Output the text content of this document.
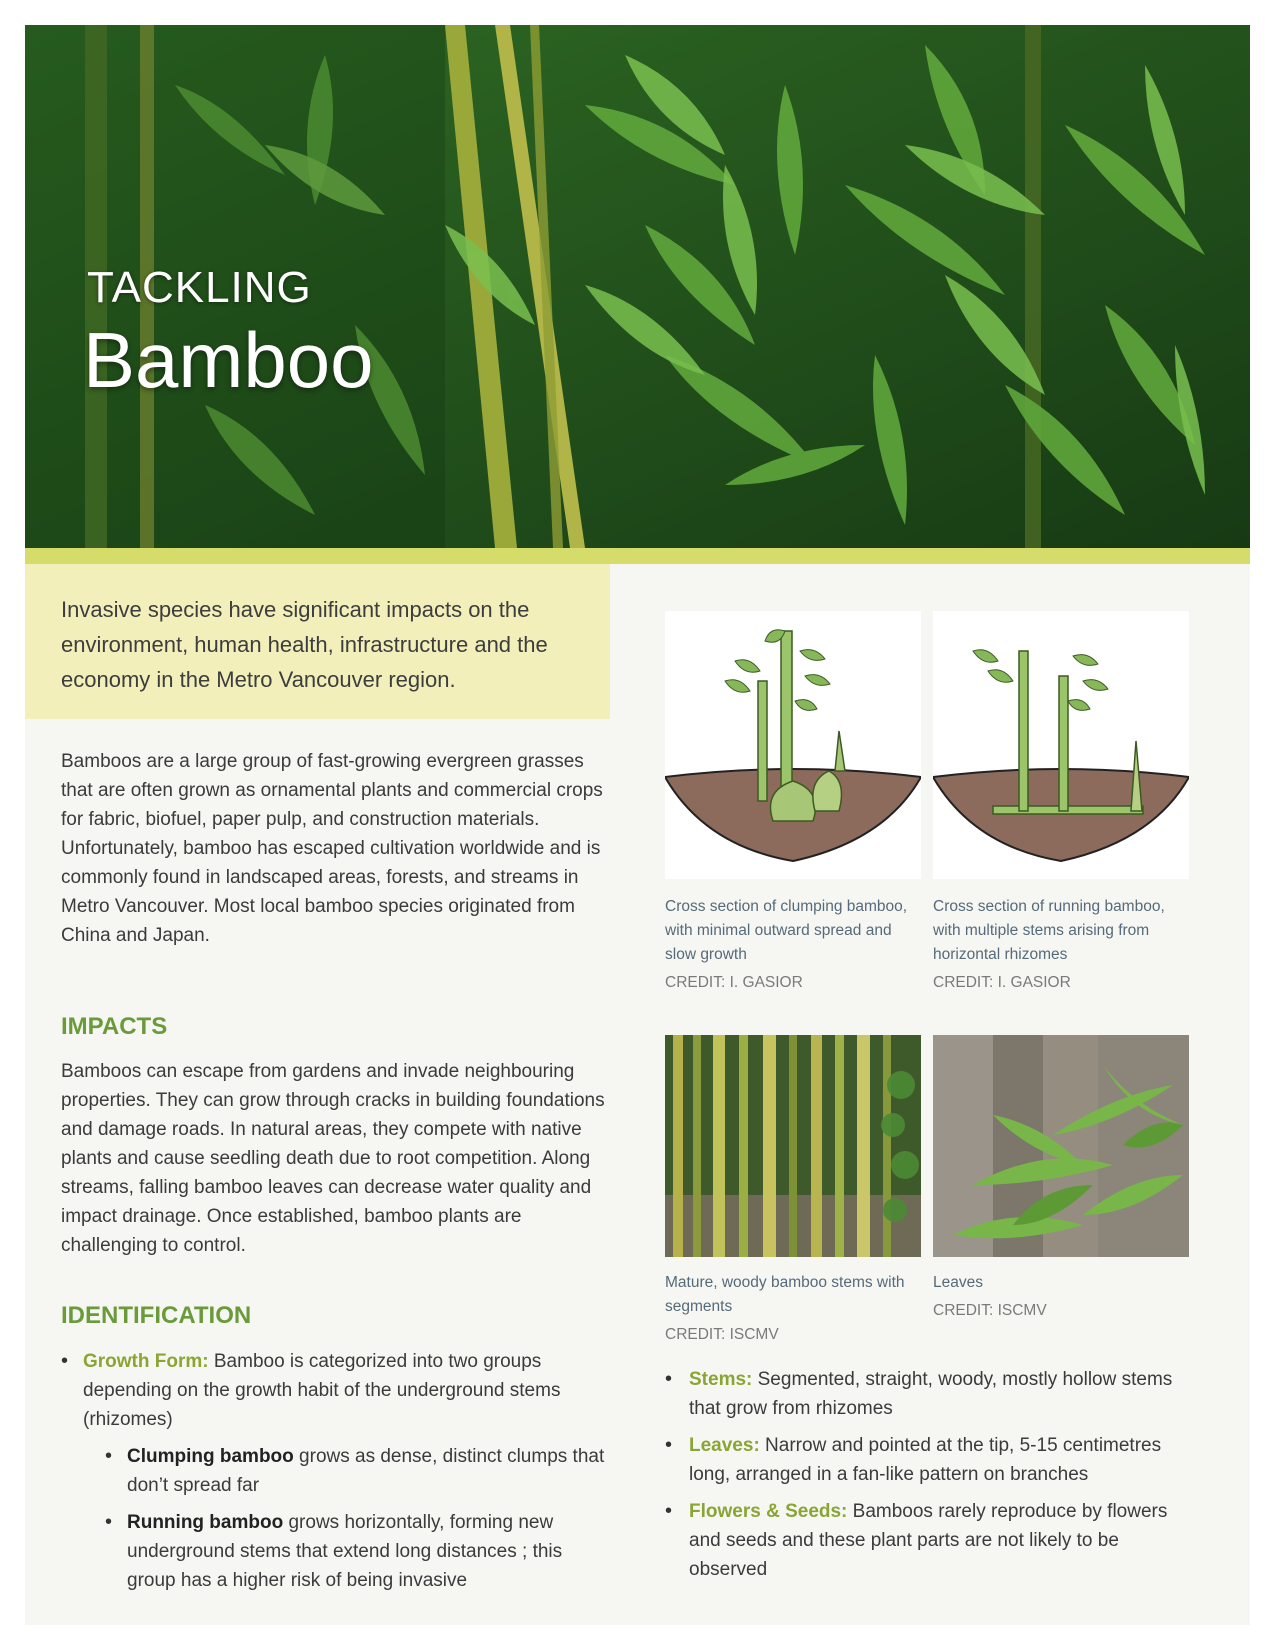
TACKLING
Bamboo

Invasive species have significant impacts on the environment, human health, infrastructure and the economy in the Metro Vancouver region.

Bamboos are a large group of fast-growing evergreen grasses that are often grown as ornamental plants and commercial crops for fabric, biofuel, paper pulp, and construction materials. Unfortunately, bamboo has escaped cultivation worldwide and is commonly found in landscaped areas, forests, and streams in Metro Vancouver. Most local bamboo species originated from China and Japan.

IMPACTS

Bamboos can escape from gardens and invade neighbouring properties. They can grow through cracks in building foundations and damage roads. In natural areas, they compete with native plants and cause seedling death due to root competition. Along streams, falling bamboo leaves can decrease water quality and impact drainage. Once established, bamboo plants are challenging to control.

IDENTIFICATION
• Growth Form: Bamboo is categorized into two groups depending on the growth habit of the underground stems (rhizomes)
• Clumping bamboo grows as dense, distinct clumps that don’t spread far
• Running bamboo grows horizontally, forming new underground stems that extend long distances ; this group has a higher risk of being invasive
Cross section of clumping bamboo, with minimal outward spread and slow growth
CREDIT: I. GASIOR
Cross section of running bamboo, with multiple stems arising from horizontal rhizomes
CREDIT: I. GASIOR
Mature, woody bamboo stems with segments
CREDIT: ISCMV
Leaves
CREDIT: ISCMV
• Stems: Segmented, straight, woody, mostly hollow stems that grow from rhizomes
• Leaves: Narrow and pointed at the tip, 5-15 centimetres long, arranged in a fan-like pattern on branches
• Flowers & Seeds: Bamboos rarely reproduce by flowers and seeds and these plant parts are not likely to be observed
